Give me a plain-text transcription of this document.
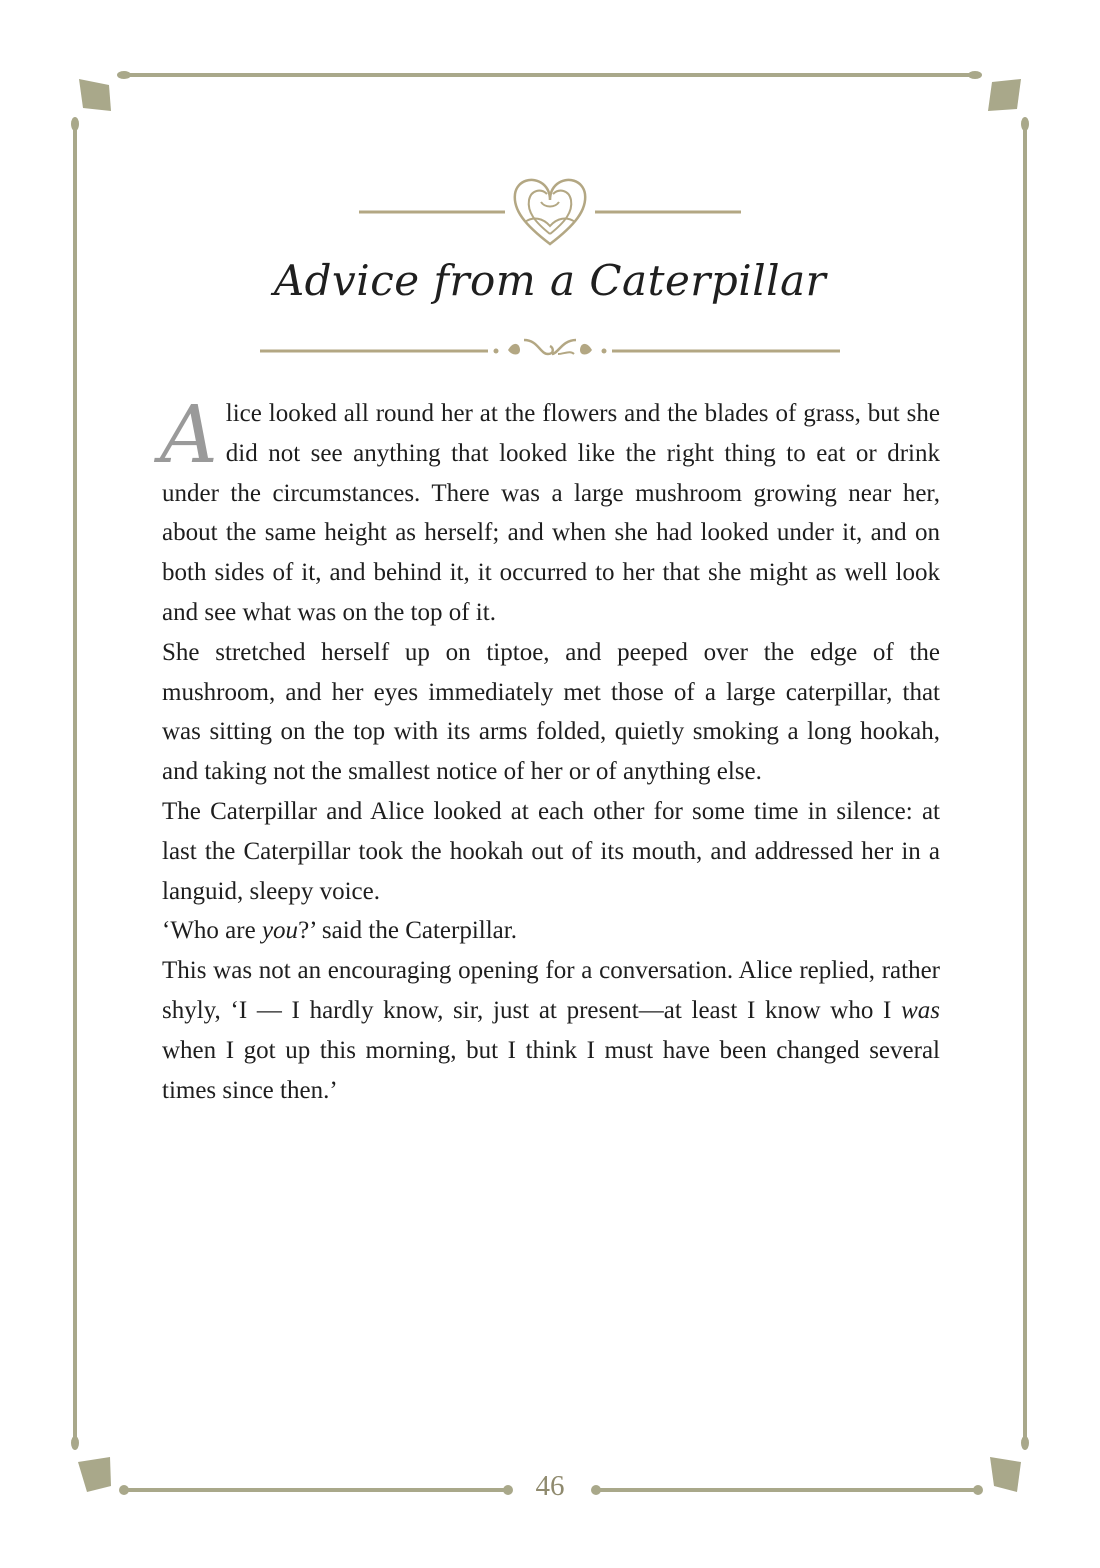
Advice from a Caterpillar

Alice looked all round her at the flowers and the blades of grass, but she did not see anything that looked like the right thing to eat or drink under the circumstances. There was a large mushroom growing near her, about the same height as herself; and when she had looked under it, and on both sides of it, and behind it, it occurred to her that she might as well look and see what was on the top of it.

She stretched herself up on tiptoe, and peeped over the edge of the mushroom, and her eyes immediately met those of a large caterpillar, that was sitting on the top with its arms folded, quietly smoking a long hookah, and taking not the smallest notice of her or of anything else.

The Caterpillar and Alice looked at each other for some time in silence: at last the Caterpillar took the hookah out of its mouth, and addressed her in a languid, sleepy voice.

‘Who are you?’ said the Caterpillar.

This was not an encouraging opening for a conversation. Alice replied, rather shyly, ‘I — I hardly know, sir, just at present—at least I know who I was when I got up this morning, but I think I must have been changed several times since then.’

46
